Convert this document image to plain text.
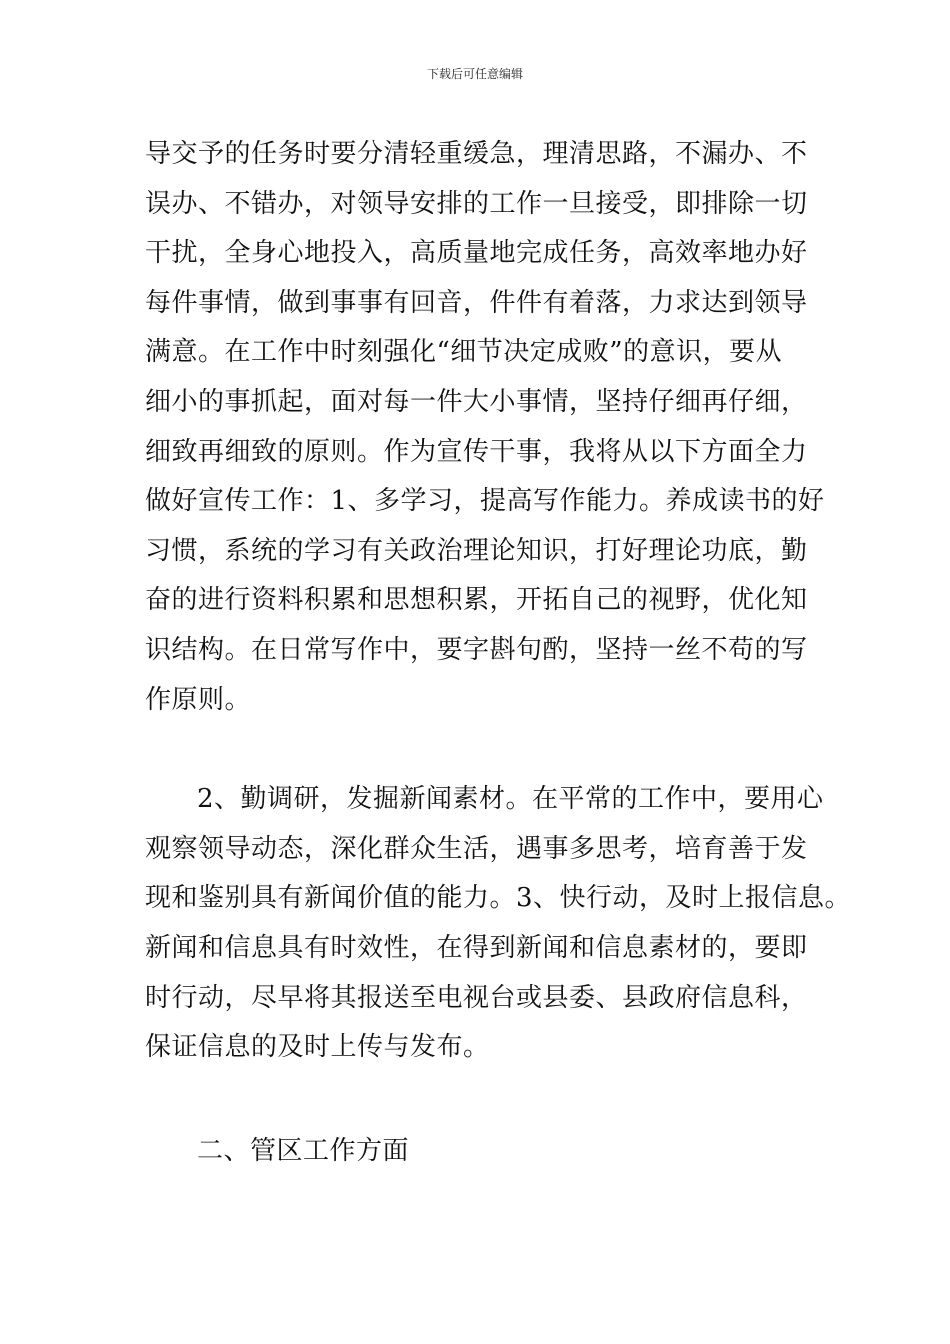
下载后可任意编辑
导交予的任务时要分清轻重缓急，理清思路，不漏办、不
误办、不错办，对领导安排的工作一旦接受，即排除一切
干扰，全身心地投入，高质量地完成任务，高效率地办好
每件事情，做到事事有回音，件件有着落，力求达到领导
满意。在工作中时刻强化“细节决定成败”的意识，要从
细小的事抓起，面对每一件大小事情，坚持仔细再仔细，
细致再细致的原则。作为宣传干事，我将从以下方面全力
做好宣传工作：1、多学习，提高写作能力。养成读书的好
习惯，系统的学习有关政治理论知识，打好理论功底，勤
奋的进行资料积累和思想积累，开拓自己的视野，优化知
识结构。在日常写作中，要字斟句酌，坚持一丝不苟的写
作原则。
2、勤调研，发掘新闻素材。在平常的工作中，要用心
观察领导动态，深化群众生活，遇事多思考，培育善于发
现和鉴别具有新闻价值的能力。3、快行动，及时上报信息。
新闻和信息具有时效性，在得到新闻和信息素材的，要即
时行动，尽早将其报送至电视台或县委、县政府信息科，
保证信息的及时上传与发布。
二、管区工作方面
